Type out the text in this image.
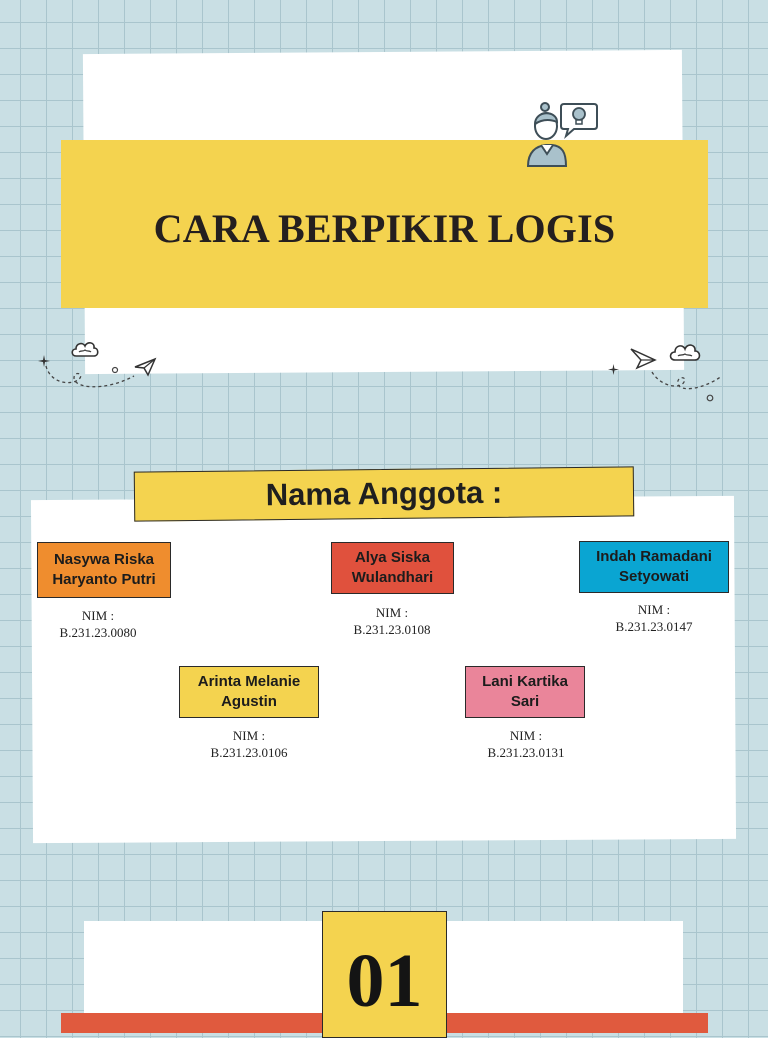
CARA BERPIKIR LOGIS
Nama Anggota :
Nasywa Riska Haryanto Putri
NIM :
B.231.23.0080
Alya Siska Wulandhari
NIM :
B.231.23.0108
Indah Ramadani Setyowati
NIM :
B.231.23.0147
Arinta Melanie Agustin
NIM :
B.231.23.0106
Lani Kartika Sari
NIM :
B.231.23.0131
01
